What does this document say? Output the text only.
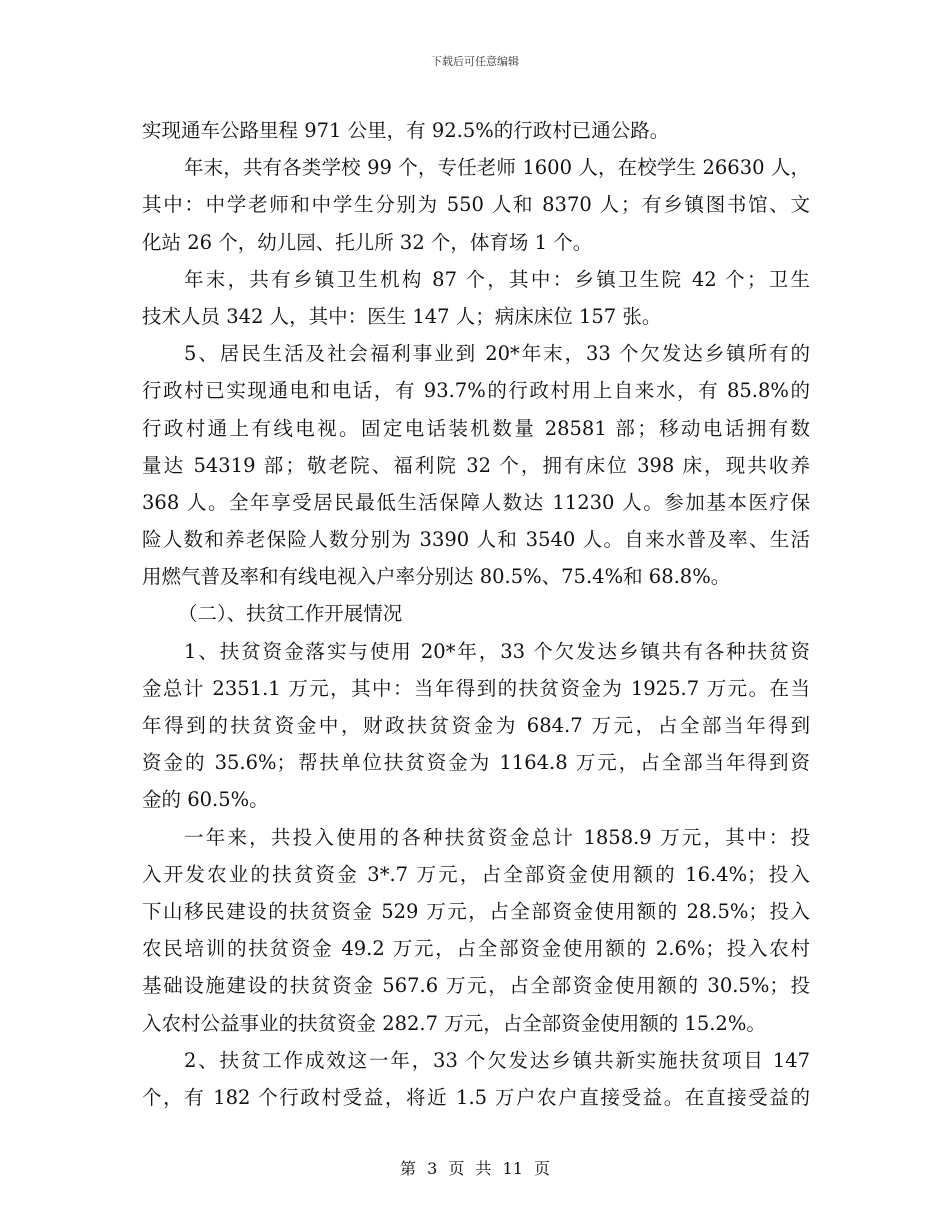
下载后可任意编辑
实现通车公路里程 971 公里，有 92.5%的行政村已通公路。
年末，共有各类学校 99 个，专任老师 1600 人，在校学生 26630 人，
其中：中学老师和中学生分别为 550 人和 8370 人；有乡镇图书馆、文
化站 26 个，幼儿园、托儿所 32 个，体育场 1 个。
年末，共有乡镇卫生机构 87 个，其中：乡镇卫生院 42 个；卫生
技术人员 342 人，其中：医生 147 人；病床床位 157 张。
5、居民生活及社会福利事业到 20*年末，33 个欠发达乡镇所有的
行政村已实现通电和电话，有 93.7%的行政村用上自来水，有 85.8%的
行政村通上有线电视。固定电话装机数量 28581 部；移动电话拥有数
量达 54319 部；敬老院、福利院 32 个，拥有床位 398 床，现共收养
368 人。全年享受居民最低生活保障人数达 11230 人。参加基本医疗保
险人数和养老保险人数分别为 3390 人和 3540 人。自来水普及率、生活
用燃气普及率和有线电视入户率分别达 80.5%、75.4%和 68.8%。
（二）、扶贫工作开展情况
1、扶贫资金落实与使用 20*年，33 个欠发达乡镇共有各种扶贫资
金总计 2351.1 万元，其中：当年得到的扶贫资金为 1925.7 万元。在当
年得到的扶贫资金中，财政扶贫资金为 684.7 万元，占全部当年得到
资金的 35.6%；帮扶单位扶贫资金为 1164.8 万元，占全部当年得到资
金的 60.5%。
一年来，共投入使用的各种扶贫资金总计 1858.9 万元，其中：投
入开发农业的扶贫资金 3*.7 万元，占全部资金使用额的 16.4%；投入
下山移民建设的扶贫资金 529 万元，占全部资金使用额的 28.5%；投入
农民培训的扶贫资金 49.2 万元，占全部资金使用额的 2.6%；投入农村
基础设施建设的扶贫资金 567.6 万元，占全部资金使用额的 30.5%；投
入农村公益事业的扶贫资金 282.7 万元，占全部资金使用额的 15.2%。
2、扶贫工作成效这一年，33 个欠发达乡镇共新实施扶贫项目 147
个，有 182 个行政村受益，将近 1.5 万户农户直接受益。在直接受益的
第 3 页 共 11 页
